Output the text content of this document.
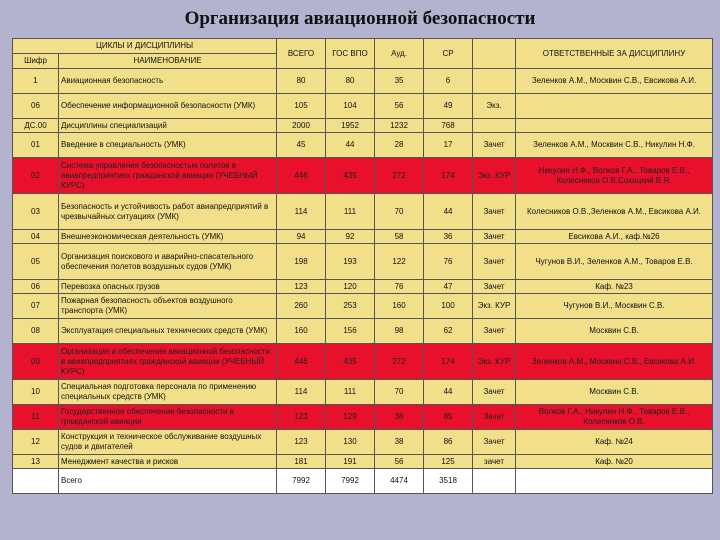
Организация авиационной безопасности
ЦИКЛЫ И ДИСЦИПЛИНЫ		ВСЕГО	ГОС ВПО	Ауд.	СР		ОТВЕТСТВЕННЫЕ ЗА ДИСЦИПЛИНУ
Шифр	НАИМЕНОВАНИЕ						
1	Авиационная безопасность	80	80	35	6		Зеленков А.М., Москвин С.В., Евсикова А.И.
06	Обеспечение информационной безопасности (УМК)	105	104	56	49	Экз.	
ДС.00	Дисциплины специализаций	2000	1952	1232	768		
01	Введение в специальность (УМК)	45	44	28	17	Зачет	Зеленков А.М., Москвин С.В., Никулин Н.Ф.
02	Система управления безопасностью полетов в авиапредприятиях гражданской авиации (УЧЕБНЫЙ КУРС)	446	435	272	174	Экз. КУР	Никулин Н.Ф., Волков Г.А., Товаров Е.В., Колесников О.В.Сохацкий В.Я.
03	Безопасность и устойчивость работ авиапредприятий в чрезвычайных ситуациях (УМК)	114	111	70	44	Зачет	Колесников О.В.,Зеленков А.М., Евсикова А.И.
04	Внешнеэкономическая деятельность (УМК)	94	92	58	36	Зачет	Евсикова А.И., каф.№26
05	Организация поискового и аварийно-спасательного обеспечения полетов воздушных судов (УМК)	198	193	122	76	Зачет	Чугунов В.И., Зеленков А.М., Товаров Е.В.
06	Перевозка опасных грузов	123	120	76	47	Зачет	Каф. №23
07	Пожарная безопасность объектов воздушного транспорта (УМК)	260	253	160	100	Экз. КУР	Чугунов В.И., Москвин С.В.
08	Эксплуатация специальных технических средств (УМК)	160	156	98	62	Зачет	Москвин С.В.
09	Организация и обеспечение авиационной безопасности в авиапредприятиях гражданской авиации (УЧЕБНЫЙ КУРС)	446	435	272	174	Экз. КУР	Зеленков А.М., Москвин С.В., Евсикова А.И.
10	Специальная подготовка персонала по применению специальных средств (УМК)	114	111	70	44	Зачет	Москвин С.В.
11	Государственное обеспечение безопасности в гражданской авиации	123	129	38	85	Зачет	Волков Г.А., Никулин Н.Ф., Товаров Е.В., Колесников О.В.
12	Конструкция и техническое обслуживание воздушных судов и двигателей	123	130	38	86	Зачет	Каф. №24
13	Менеджмент качества и рисков	181	191	56	125	зачет	Каф. №20
	Всего	7992	7992	4474	3518		
